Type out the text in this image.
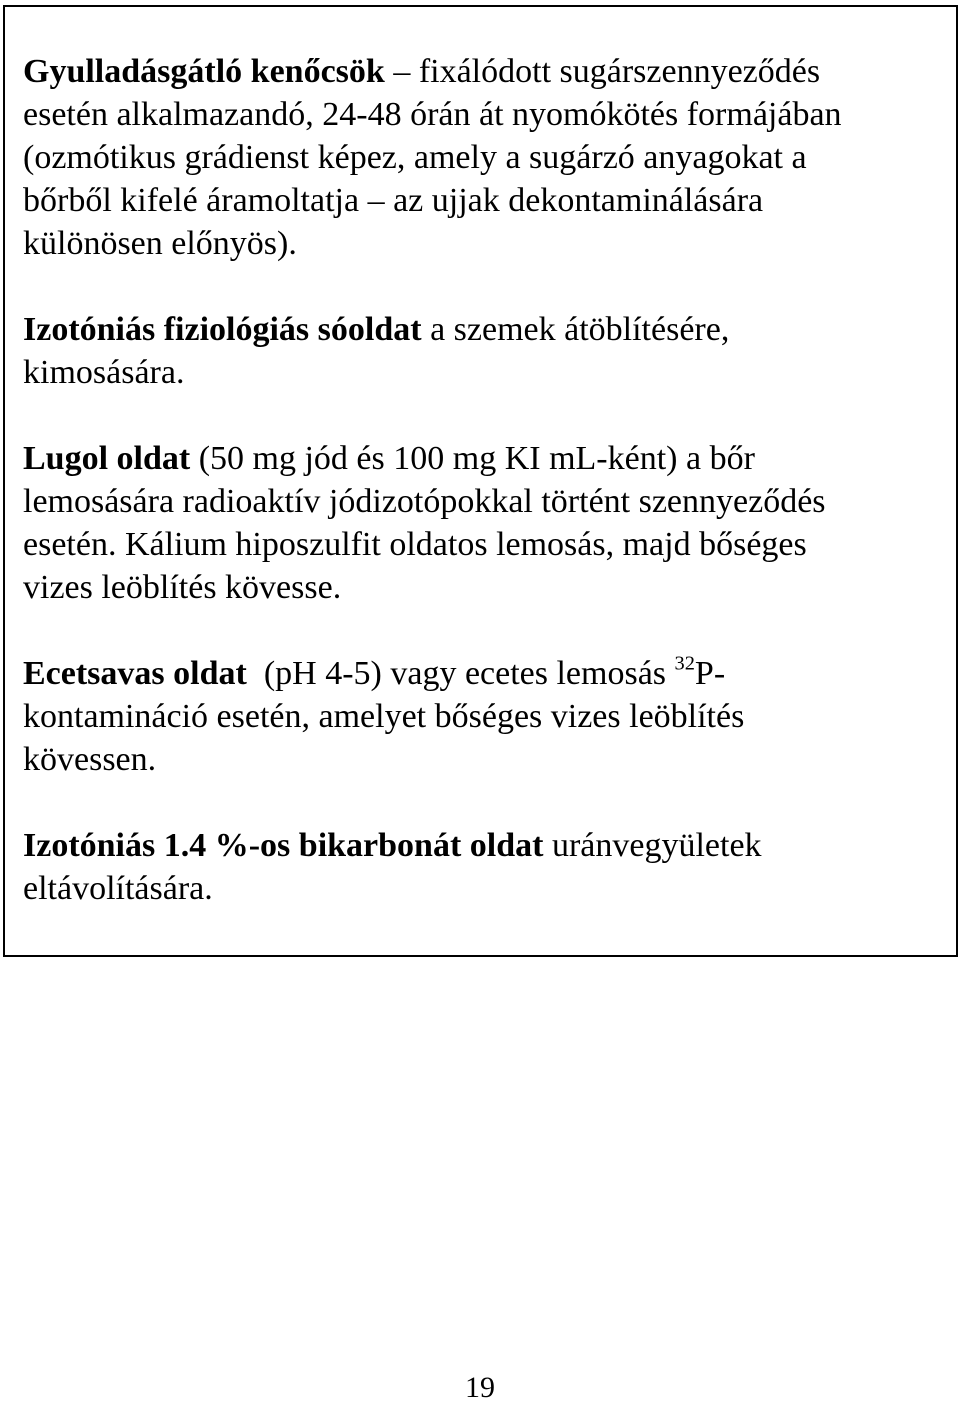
Gyulladásgátló kenőcsök – fixálódott sugárszennyeződés
esetén alkalmazandó, 24-48 órán át nyomókötés formájában
(ozmótikus grádienst képez, amely a sugárzó anyagokat a
bőrből kifelé áramoltatja – az ujjak dekontaminálására
különösen előnyös).
Izotóniás fiziológiás sóoldat a szemek átöblítésére,
kimosására.
Lugol oldat (50 mg jód és 100 mg KI mL-ként) a bőr
lemosására radioaktív jódizotópokkal történt szennyeződés
esetén. Kálium hiposzulfit oldatos lemosás, majd bőséges
vizes leöblítés kövesse.
Ecetsavas oldat  (pH 4-5) vagy ecetes lemosás $^{32}$P-
kontamináció esetén, amelyet bőséges vizes leöblítés
kövessen.
Izotóniás 1.4 %-os bikarbonát oldat uránvegyületek
eltávolítására.
19
